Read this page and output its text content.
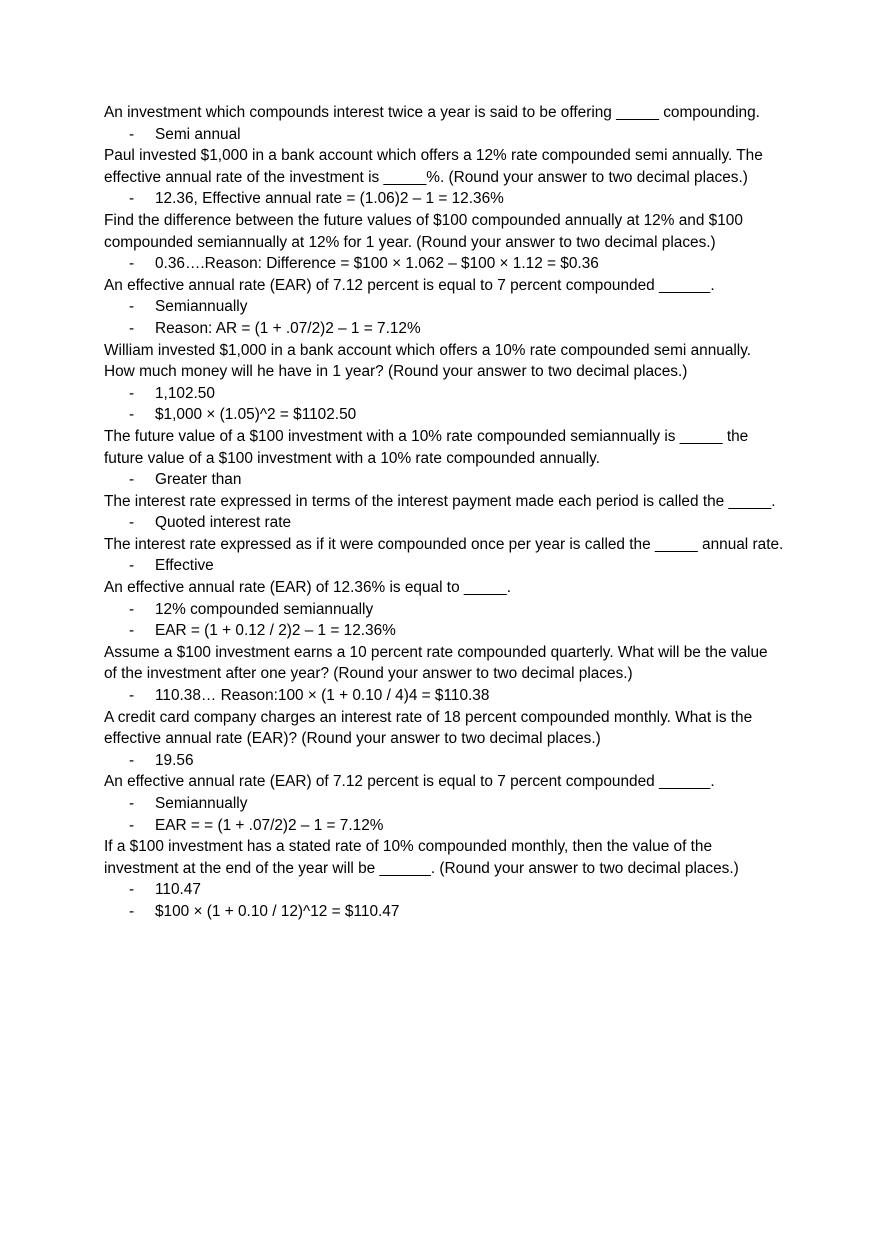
An investment which compounds interest twice a year is said to be offering _____ compounding.

- Semi annual

Paul invested $1,000 in a bank account which offers a 12% rate compounded semi annually. The effective annual rate of the investment is _____%. (Round your answer to two decimal places.)

- 12.36, Effective annual rate = (1.06)2 – 1 = 12.36%

Find the difference between the future values of $100 compounded annually at 12% and $100 compounded semiannually at 12% for 1 year. (Round your answer to two decimal places.)

- 0.36….Reason: Difference = $100 × 1.062 – $100 × 1.12 = $0.36

An effective annual rate (EAR) of 7.12 percent is equal to 7 percent compounded ______.

- Semiannually
- Reason: AR = (1 + .07/2)2 – 1 = 7.12%

William invested $1,000 in a bank account which offers a 10% rate compounded semi annually. How much money will he have in 1 year? (Round your answer to two decimal places.)

- 1,102.50
- $1,000 × (1.05)^2 = $1102.50

The future value of a $100 investment with a 10% rate compounded semiannually is _____ the future value of a $100 investment with a 10% rate compounded annually.

- Greater than

The interest rate expressed in terms of the interest payment made each period is called the _____.

- Quoted interest rate

The interest rate expressed as if it were compounded once per year is called the _____ annual rate.

- Effective

An effective annual rate (EAR) of 12.36% is equal to _____.

- 12% compounded semiannually
- EAR = (1 + 0.12 / 2)2 – 1 = 12.36%

Assume a $100 investment earns a 10 percent rate compounded quarterly. What will be the value of the investment after one year? (Round your answer to two decimal places.)

- 110.38… Reason:100 × (1 + 0.10 / 4)4 = $110.38

A credit card company charges an interest rate of 18 percent compounded monthly. What is the effective annual rate (EAR)? (Round your answer to two decimal places.)

- 19.56

An effective annual rate (EAR) of 7.12 percent is equal to 7 percent compounded ______.

- Semiannually
- EAR = = (1 + .07/2)2 – 1 = 7.12%

If a $100 investment has a stated rate of 10% compounded monthly, then the value of the investment at the end of the year will be ______. (Round your answer to two decimal places.)

- 110.47
- $100 × (1 + 0.10 / 12)^12 = $110.47
